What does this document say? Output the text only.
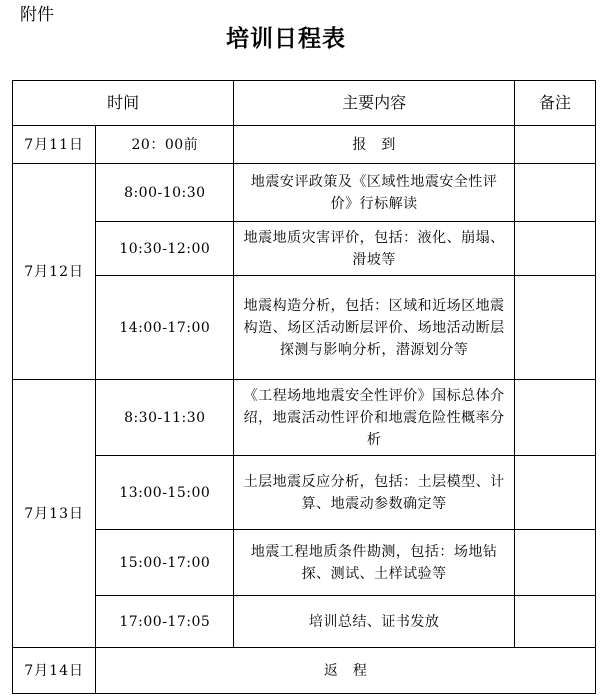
附件
培训日程表
时间		主要内容	备注
7月11日	20：00前	报　到	
7月12日	8:00-10:30	地震安评政策及《区域性地震安全性评价》行标解读	
	10:30-12:00	地震地质灾害评价，包括：液化、崩塌、滑坡等	
	14:00-17:00	地震构造分析，包括：区域和近场区地震构造、场区活动断层评价、场地活动断层探测与影响分析，潜源划分等	
7月13日	8:30-11:30	《工程场地地震安全性评价》国标总体介绍，地震活动性评价和地震危险性概率分析	
	13:00-15:00	土层地震反应分析，包括：土层模型、计算、地震动参数确定等	
	15:00-17:00	地震工程地质条件勘测，包括：场地钻探、测试、土样试验等	
	17:00-17:05	培训总结、证书发放	
7月14日	返　程		
